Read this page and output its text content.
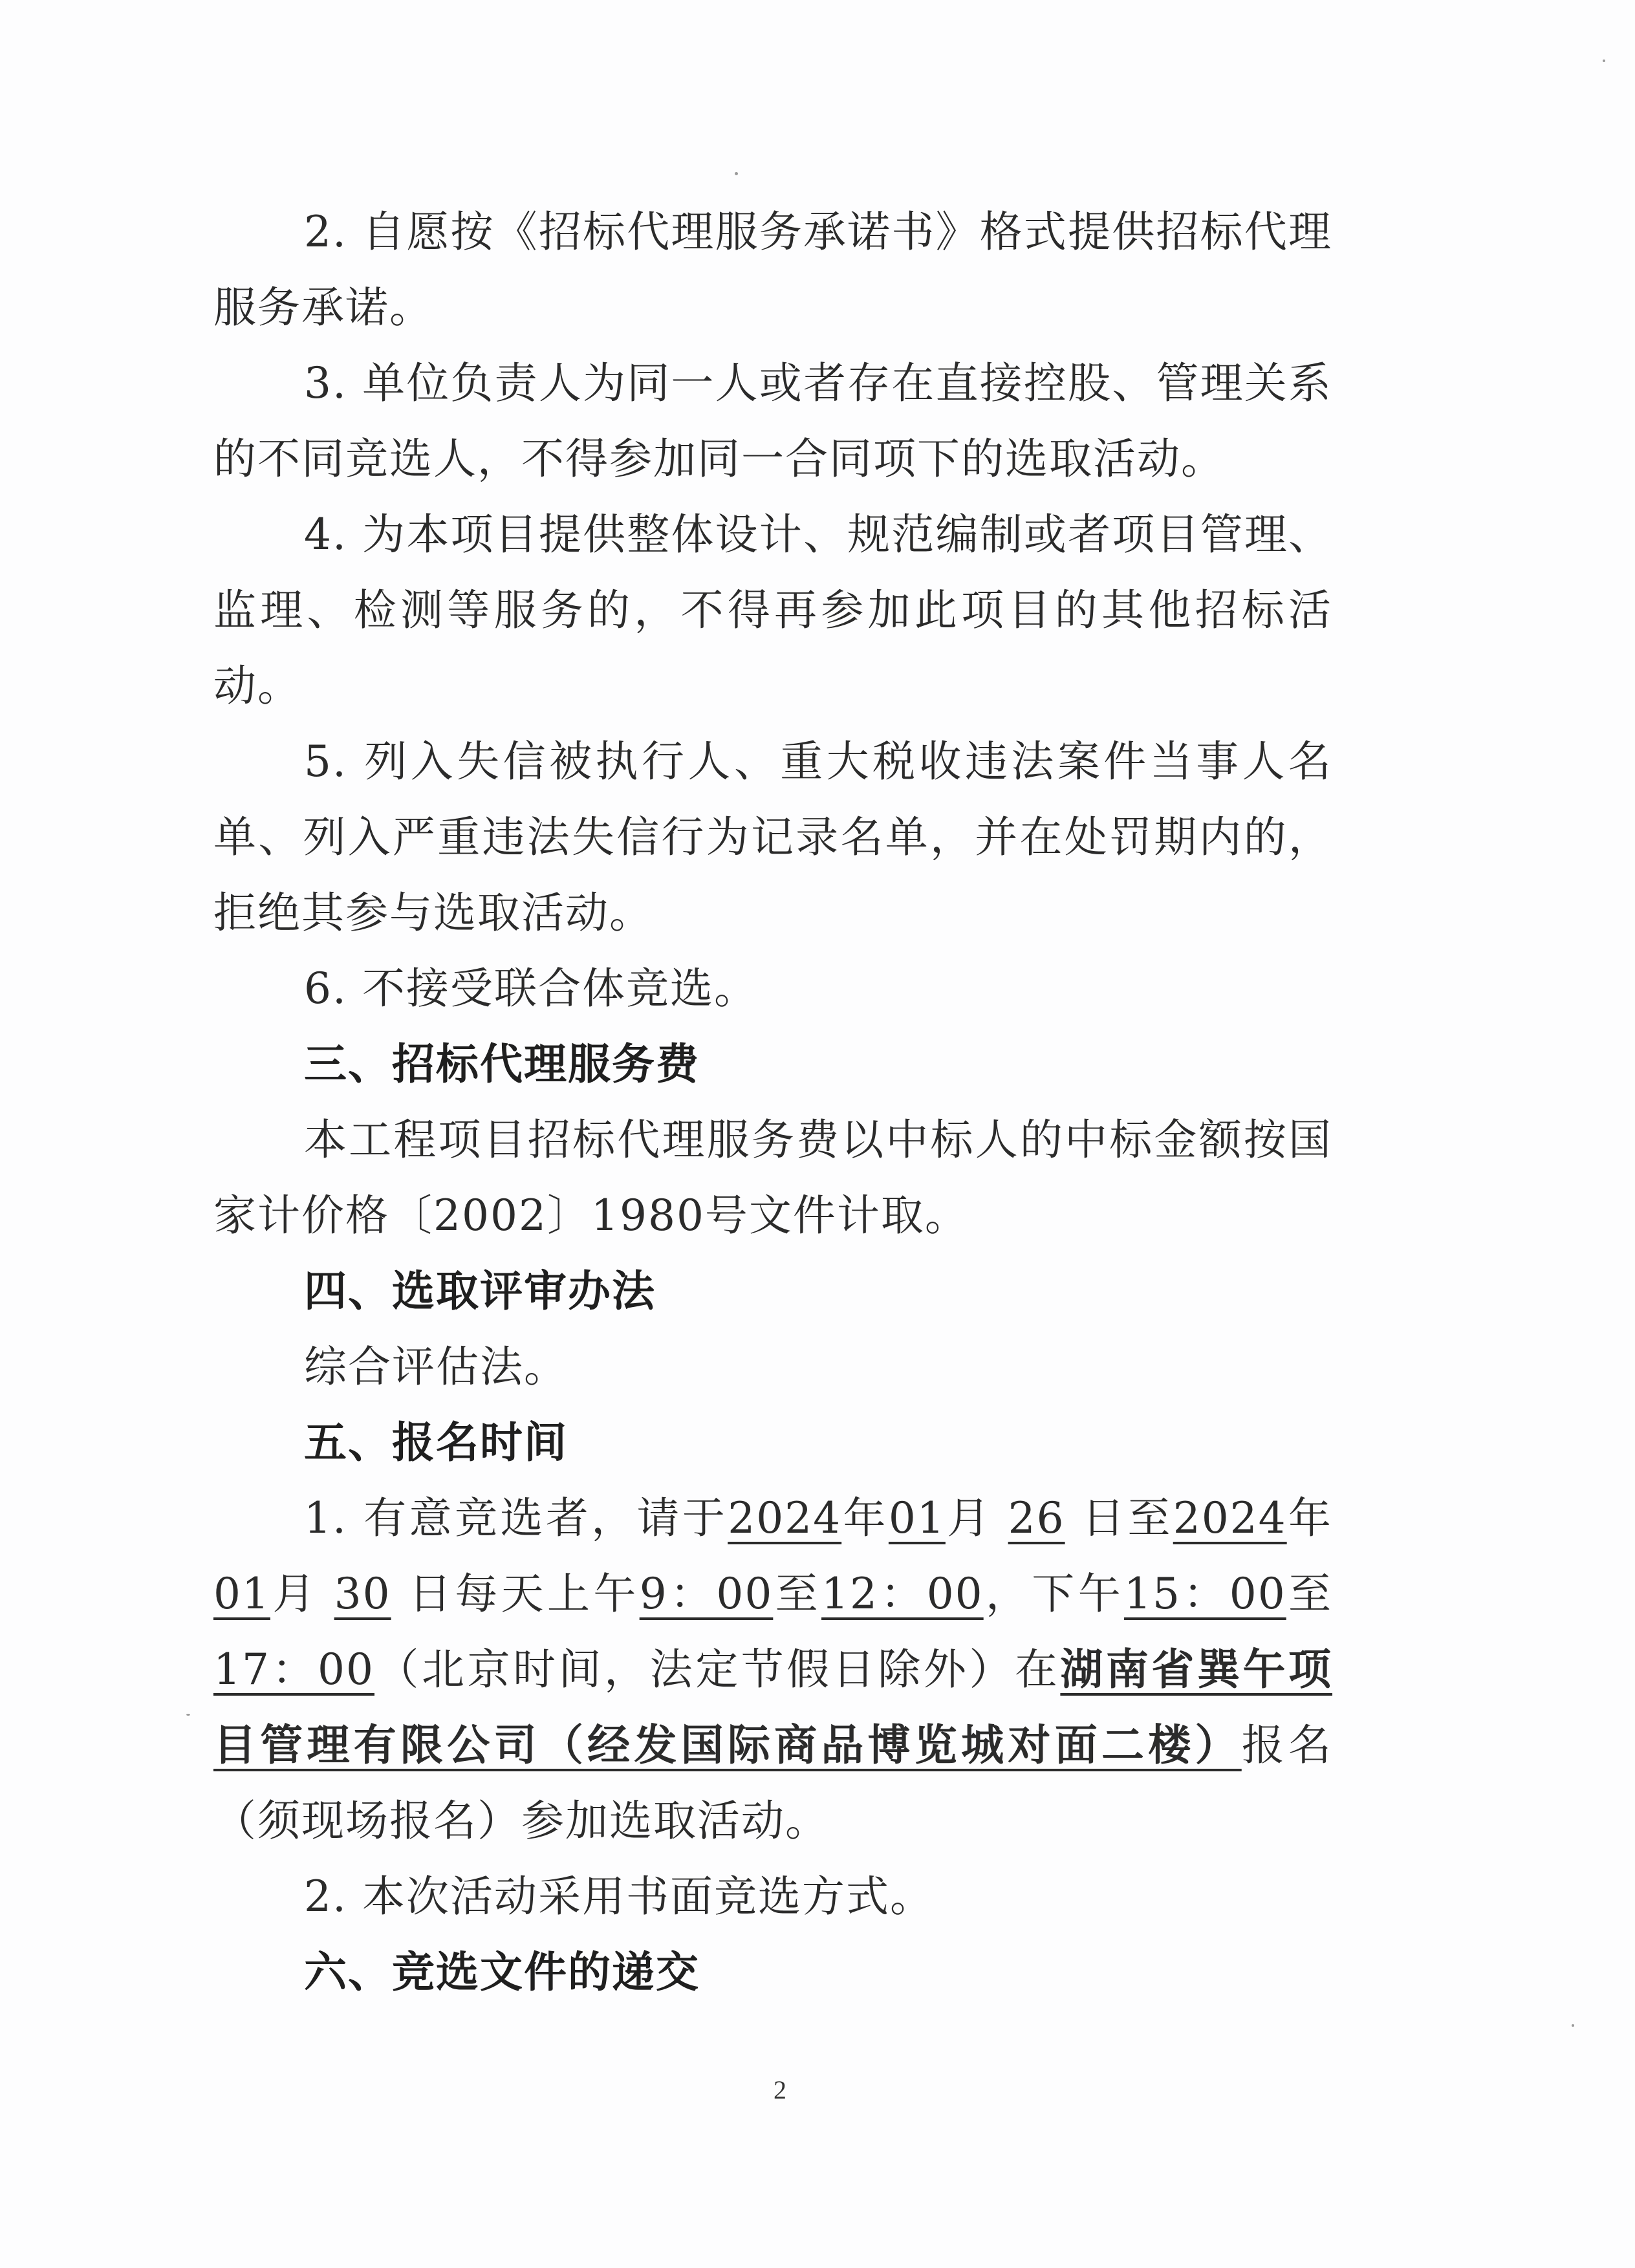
2. 自愿按《招标代理服务承诺书》格式提供招标代理服务承诺。

3. 单位负责人为同一人或者存在直接控股、管理关系的不同竞选人，不得参加同一合同项下的选取活动。

4. 为本项目提供整体设计、规范编制或者项目管理、监理、检测等服务的，不得再参加此项目的其他招标活动。

5. 列入失信被执行人、重大税收违法案件当事人名单、列入严重违法失信行为记录名单，并在处罚期内的，拒绝其参与选取活动。

6. 不接受联合体竞选。

三、招标代理服务费

本工程项目招标代理服务费以中标人的中标金额按国家计价格〔2002〕1980号文件计取。

四、选取评审办法

综合评估法。

五、报名时间

1. 有意竞选者，请于2024年01月 26 日至2024年01月 30 日每天上午9：00至12：00，下午15：00至17：00（北京时间，法定节假日除外）在湖南省巽午项目管理有限公司（经发国际商品博览城对面二楼）报名（须现场报名）参加选取活动。

2. 本次活动采用书面竞选方式。

六、竞选文件的递交

2
